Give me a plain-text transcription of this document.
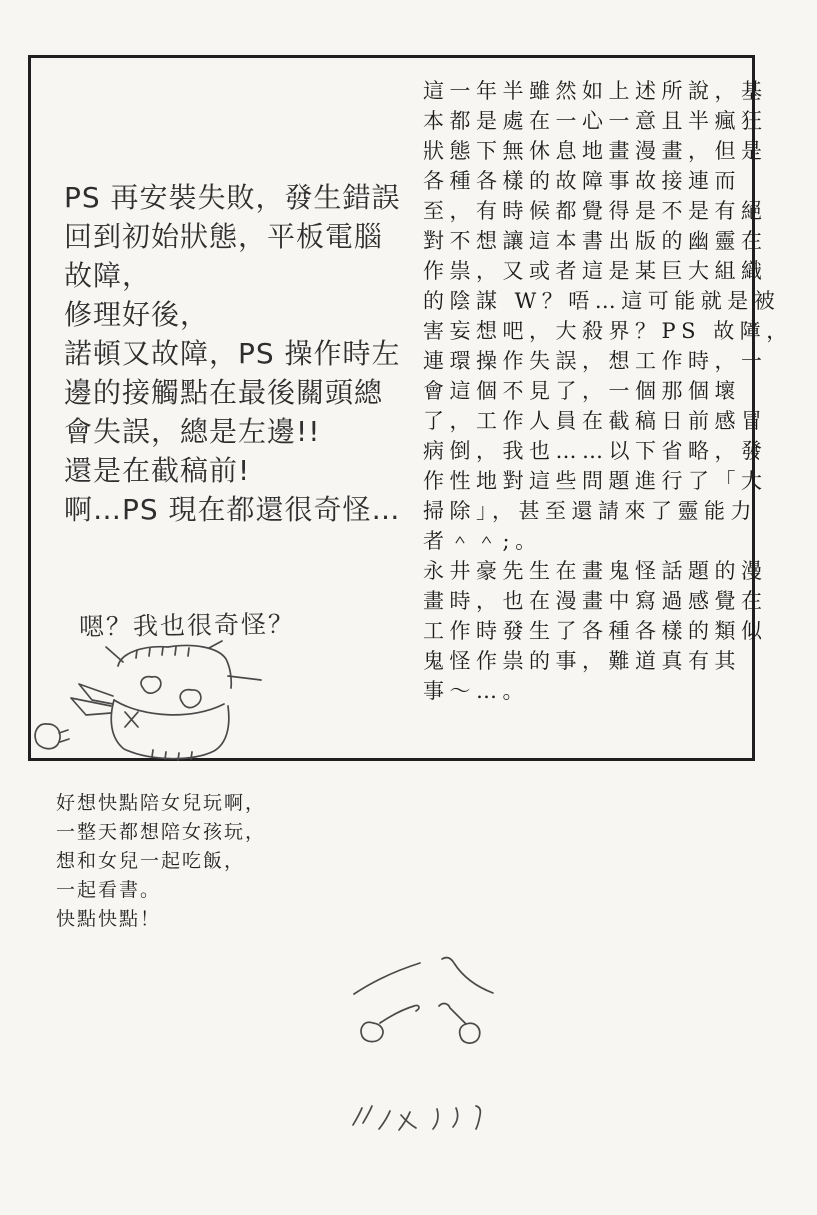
PS 再安裝失敗，發生錯誤
回到初始狀態，平板電腦
故障，
修理好後，
諾頓又故障，PS 操作時左
邊的接觸點在最後關頭總
會失誤，總是左邊!!
還是在截稿前!
啊…PS 現在都還很奇怪…
嗯？我也很奇怪？
這一年半雖然如上述所說，基
本都是處在一心一意且半瘋狂
狀態下無休息地畫漫畫，但是
各種各樣的故障事故接連而
至，有時候都覺得是不是有絕
對不想讓這本書出版的幽靈在
作祟，又或者這是某巨大組織
的陰謀 W？唔…這可能就是被
害妄想吧，大殺界？PS 故障，
連環操作失誤，想工作時，一
會這個不見了，一個那個壞
了，工作人員在截稿日前感冒
病倒，我也……以下省略，發
作性地對這些問題進行了「大
掃除」，甚至還請來了靈能力
者＾＾;。
永井豪先生在畫鬼怪話題的漫
畫時，也在漫畫中寫過感覺在
工作時發生了各種各樣的類似
鬼怪作祟的事，難道真有其
事～…。
好想快點陪女兒玩啊，
一整天都想陪女孩玩，
想和女兒一起吃飯，
一起看書。
快點快點！
